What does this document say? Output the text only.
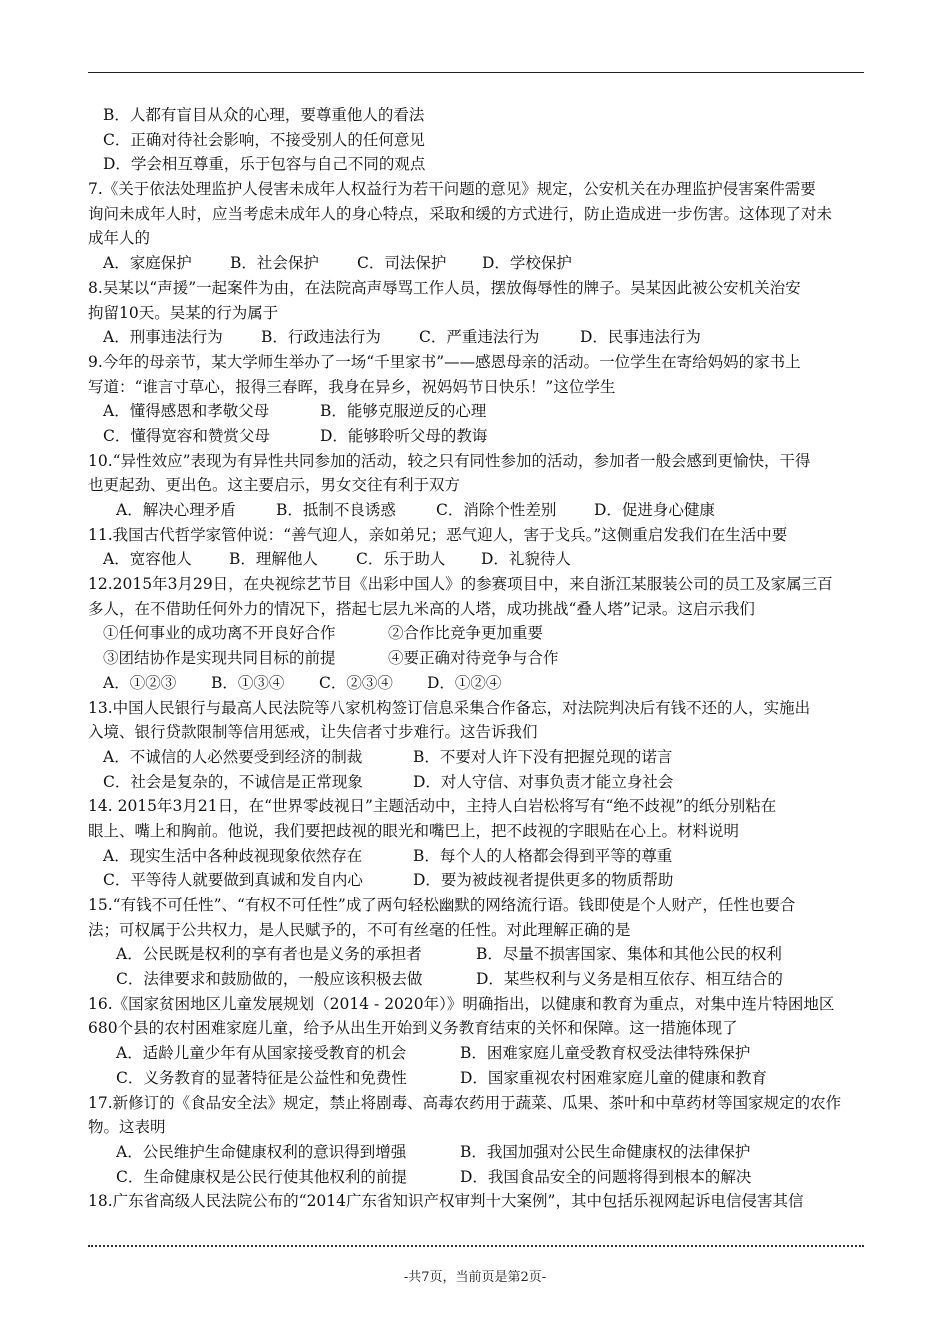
B．人都有盲目从众的心理，要尊重他人的看法
C．正确对待社会影响，不接受别人的任何意见
D．学会相互尊重，乐于包容与自己不同的观点
7.《关于依法处理监护人侵害未成年人权益行为若干问题的意见》规定，公安机关在办理监护侵害案件需要
询问未成年人时，应当考虑未成年人的身心特点，采取和缓的方式进行，防止造成进一步伤害。这体现了对未
成年人的
A．家庭保护 B．社会保护 C．司法保护 D．学校保护
8.吴某以“声援”一起案件为由，在法院高声辱骂工作人员，摆放侮辱性的牌子。吴某因此被公安机关治安
拘留10天。吴某的行为属于
A．刑事违法行为 B．行政违法行为 C．严重违法行为	D．民事违法行为
9.今年的母亲节，某大学师生举办了一场“千里家书”——感恩母亲的活动。一位学生在寄给妈妈的家书上
写道：“谁言寸草心，报得三春晖，我身在异乡，祝妈妈节日快乐！”这位学生
A．懂得感恩和孝敬父母	B．能够克服逆反的心理
C．懂得宽容和赞赏父母	D．能够聆听父母的教诲
10.“异性效应”表现为有异性共同参加的活动，较之只有同性参加的活动，参加者一般会感到更愉快，干得
也更起劲、更出色。这主要启示，男女交往有利于双方
A．解决心理矛盾	B．抵制不良诱惑	C．消除个性差别 D．促进身心健康
11.我国古代哲学家管仲说：“善气迎人，亲如弟兄；恶气迎人，害于戈兵。”这侧重启发我们在生活中要
A．宽容他人 B．理解他人 C．乐于助人 D．礼貌待人
12.2015年3月29日，在央视综艺节目《出彩中国人》的参赛项目中，来自浙江某服装公司的员工及家属三百
多人，在不借助任何外力的情况下，搭起七层九米高的人塔，成功挑战“叠人塔”记录。这启示我们
①任何事业的成功离不开良好合作	②合作比竞争更加重要
③团结协作是实现共同目标的前提	④要正确对待竞争与合作
A．①②③ B．①③④ C．②③④ D．①②④
13.中国人民银行与最高人民法院等八家机构签订信息采集合作备忘，对法院判决后有钱不还的人，实施出
入境、银行贷款限制等信用惩戒，让失信者寸步难行。这告诉我们
A．不诚信的人必然要受到经济的制裁	B．不要对人许下没有把握兑现的诺言
C．社会是复杂的，不诚信是正常现象	D．对人守信、对事负责才能立身社会
14. 2015年3月21日，在“世界零歧视日”主题活动中，主持人白岩松将写有“绝不歧视”的纸分别粘在
眼上、嘴上和胸前。他说，我们要把歧视的眼光和嘴巴上，把不歧视的字眼贴在心上。材料说明
A．现实生活中各种歧视现象依然存在	B．每个人的人格都会得到平等的尊重
C．平等待人就要做到真诚和发自内心	D．要为被歧视者提供更多的物质帮助
15.“有钱不可任性”、“有权不可任性”成了两句轻松幽默的网络流行语。钱即使是个人财产，任性也要合
法；可权属于公共权力，是人民赋予的，不可有丝毫的任性。对此理解正确的是
A．公民既是权利的享有者也是义务的承担者	B．尽量不损害国家、集体和其他公民的权利
C．法律要求和鼓励做的，一般应该积极去做	D．某些权利与义务是相互依存、相互结合的
16.《国家贫困地区儿童发展规划（2014 - 2020年）》明确指出，以健康和教育为重点，对集中连片特困地区
680个县的农村困难家庭儿童，给予从出生开始到义务教育结束的关怀和保障。这一措施体现了
A．适龄儿童少年有从国家接受教育的机会	B．困难家庭儿童受教育权受法律特殊保护
C．义务教育的显著特征是公益性和免费性	D．国家重视农村困难家庭儿童的健康和教育
17.新修订的《食品安全法》规定，禁止将剧毒、高毒农药用于蔬菜、瓜果、茶叶和中草药材等国家规定的农作
物。这表明
A．公民维护生命健康权利的意识得到增强	B．我国加强对公民生命健康权的法律保护
C．生命健康权是公民行使其他权利的前提	D．我国食品安全的问题将得到根本的解决
18.广东省高级人民法院公布的“2014广东省知识产权审判十大案例”，其中包括乐视网起诉电信侵害其信
-共7页，当前页是第2页-
